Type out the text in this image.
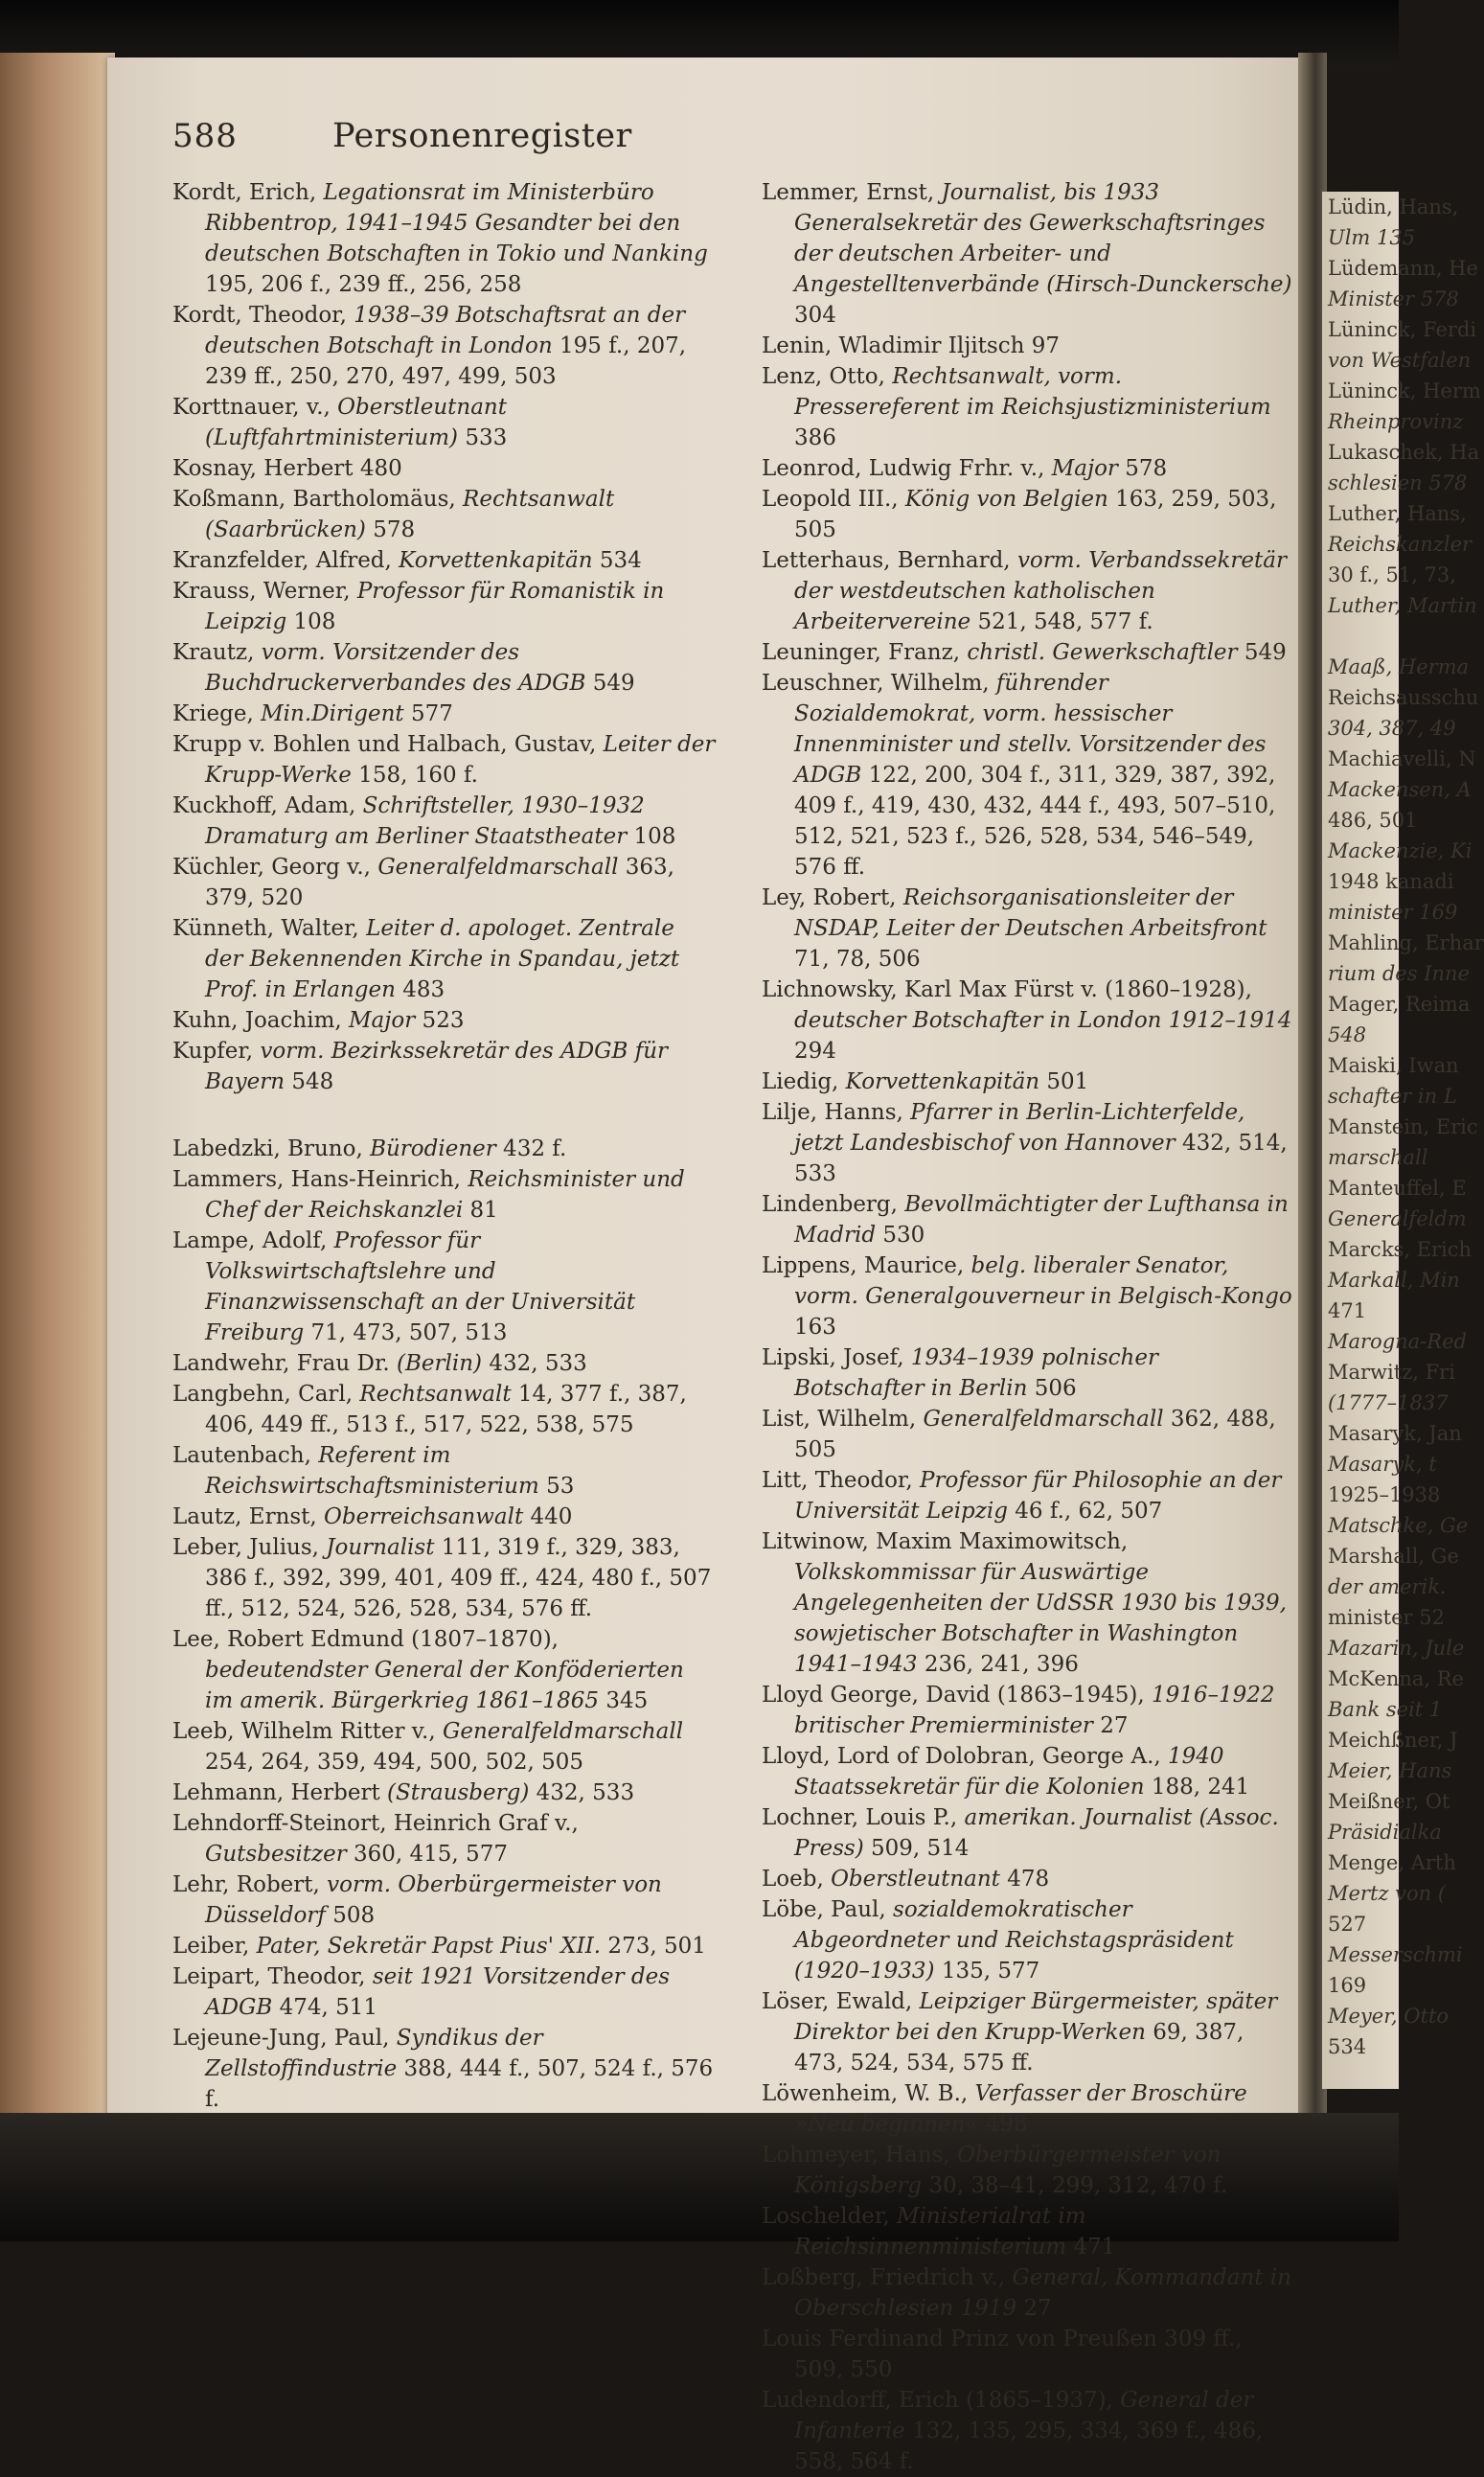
Lüdin, Hans,
Ulm 135
Lüdemann, He
Minister 578
Lüninck, Ferdi
von Westfalen
Lüninck, Herm
Rheinprovinz
Lukaschek, Ha
schlesien 578
Luther, Hans,
Reichskanzler
30 f., 51, 73,
Luther, Martin

Maaß, Herma
Reichsausschu
304, 387, 49
Machiavelli, N
Mackensen, A
486, 501
Mackenzie, Ki
1948 kanadi
minister 169
Mahling, Erhar
rium des Inne
Mager, Reima
548
Maiski, Iwan
schafter in L
Manstein, Eric
marschall
Manteuffel, E
Generalfeldm
Marcks, Erich
Markall, Min
471
Marogna-Red
Marwitz, Fri
(1777–1837
Masaryk, Jan
Masaryk, t
1925–1938
Matschke, Ge
Marshall, Ge
der amerik.
minister 52
Mazarin, Jule
McKenna, Re
Bank seit 1
Meichßner, J
Meier, Hans
Meißner, Ot
Präsidialka
Menge, Arth
Mertz von (
527
Messerschmi
169
Meyer, Otto
534
588	Personenregister

Kordt, Erich, Legationsrat im Ministerbüro Ribbentrop, 1941–1945 Gesandter bei den deutschen Botschaften in Tokio und Nanking 195, 206 f., 239 ff., 256, 258

Kordt, Theodor, 1938–39 Botschaftsrat an der deutschen Botschaft in London 195 f., 207, 239 ff., 250, 270, 497, 499, 503

Korttnauer, v., Oberstleutnant (Luftfahrtministerium) 533

Kosnay, Herbert 480

Koßmann, Bartholomäus, Rechtsanwalt (Saarbrücken) 578

Kranzfelder, Alfred, Korvettenkapitän 534

Krauss, Werner, Professor für Romanistik in Leipzig 108

Krautz, vorm. Vorsitzender des Buchdruckerverbandes des ADGB 549

Kriege, Min.Dirigent 577

Krupp v. Bohlen und Halbach, Gustav, Leiter der Krupp-Werke 158, 160 f.

Kuckhoff, Adam, Schriftsteller, 1930–1932 Dramaturg am Berliner Staatstheater 108

Küchler, Georg v., Generalfeldmarschall 363, 379, 520

Künneth, Walter, Leiter d. apologet. Zentrale der Bekennenden Kirche in Spandau, jetzt Prof. in Erlangen 483

Kuhn, Joachim, Major 523

Kupfer, vorm. Bezirkssekretär des ADGB für Bayern 548

Labedzki, Bruno, Bürodiener 432 f.

Lammers, Hans-Heinrich, Reichsminister und Chef der Reichskanzlei 81

Lampe, Adolf, Professor für Volkswirtschaftslehre und Finanzwissenschaft an der Universität Freiburg 71, 473, 507, 513

Landwehr, Frau Dr. (Berlin) 432, 533

Langbehn, Carl, Rechtsanwalt 14, 377 f., 387, 406, 449 ff., 513 f., 517, 522, 538, 575

Lautenbach, Referent im Reichswirtschaftsministerium 53

Lautz, Ernst, Oberreichsanwalt 440

Leber, Julius, Journalist 111, 319 f., 329, 383, 386 f., 392, 399, 401, 409 ff., 424, 480 f., 507 ff., 512, 524, 526, 528, 534, 576 ff.

Lee, Robert Edmund (1807–1870), bedeutendster General der Konföderierten im amerik. Bürgerkrieg 1861–1865 345

Leeb, Wilhelm Ritter v., Generalfeldmarschall 254, 264, 359, 494, 500, 502, 505

Lehmann, Herbert (Strausberg) 432, 533

Lehndorff-Steinort, Heinrich Graf v., Gutsbesitzer 360, 415, 577

Lehr, Robert, vorm. Oberbürgermeister von Düsseldorf 508

Leiber, Pater, Sekretär Papst Pius' XII. 273, 501

Leipart, Theodor, seit 1921 Vorsitzender des ADGB 474, 511

Lejeune-Jung, Paul, Syndikus der Zellstoffindustrie 388, 444 f., 507, 524 f., 576 f.

Lemmer, Ernst, Journalist, bis 1933 Generalsekretär des Gewerkschaftsringes der deutschen Arbeiter- und Angestelltenverbände (Hirsch-Dunckersche) 304

Lenin, Wladimir Iljitsch 97

Lenz, Otto, Rechtsanwalt, vorm. Pressereferent im Reichsjustizministerium 386

Leonrod, Ludwig Frhr. v., Major 578

Leopold III., König von Belgien 163, 259, 503, 505

Letterhaus, Bernhard, vorm. Verbandssekretär der westdeutschen katholischen Arbeitervereine 521, 548, 577 f.

Leuninger, Franz, christl. Gewerkschaftler 549

Leuschner, Wilhelm, führender Sozialdemokrat, vorm. hessischer Innenminister und stellv. Vorsitzender des ADGB 122, 200, 304 f., 311, 329, 387, 392, 409 f., 419, 430, 432, 444 f., 493, 507–510, 512, 521, 523 f., 526, 528, 534, 546–549, 576 ff.

Ley, Robert, Reichsorganisationsleiter der NSDAP, Leiter der Deutschen Arbeitsfront 71, 78, 506

Lichnowsky, Karl Max Fürst v. (1860–1928), deutscher Botschafter in London 1912–1914 294

Liedig, Korvettenkapitän 501

Lilje, Hanns, Pfarrer in Berlin-Lichterfelde, jetzt Landesbischof von Hannover 432, 514, 533

Lindenberg, Bevollmächtigter der Lufthansa in Madrid 530

Lippens, Maurice, belg. liberaler Senator, vorm. Generalgouverneur in Belgisch-Kongo 163

Lipski, Josef, 1934–1939 polnischer Botschafter in Berlin 506

List, Wilhelm, Generalfeldmarschall 362, 488, 505

Litt, Theodor, Professor für Philosophie an der Universität Leipzig 46 f., 62, 507

Litwinow, Maxim Maximowitsch, Volkskommissar für Auswärtige Angelegenheiten der UdSSR 1930 bis 1939, sowjetischer Botschafter in Washington 1941–1943 236, 241, 396

Lloyd George, David (1863–1945), 1916–1922 britischer Premierminister 27

Lloyd, Lord of Dolobran, George A., 1940 Staatssekretär für die Kolonien 188, 241

Lochner, Louis P., amerikan. Journalist (Assoc. Press) 509, 514

Loeb, Oberstleutnant 478

Löbe, Paul, sozialdemokratischer Abgeordneter und Reichstagspräsident (1920–1933) 135, 577

Löser, Ewald, Leipziger Bürgermeister, später Direktor bei den Krupp-Werken 69, 387, 473, 524, 534, 575 ff.

Löwenheim, W. B., Verfasser der Broschüre »Neu beginnen« 498

Lohmeyer, Hans, Oberbürgermeister von Königsberg 30, 38–41, 299, 312, 470 f.

Loschelder, Ministerialrat im Reichsinnenministerium 471

Loßberg, Friedrich v., General, Kommandant in Oberschlesien 1919 27

Louis Ferdinand Prinz von Preußen 309 ff., 509, 550

Ludendorff, Erich (1865–1937), General der Infanterie 132, 135, 295, 334, 369 f., 486, 558, 564 f.
